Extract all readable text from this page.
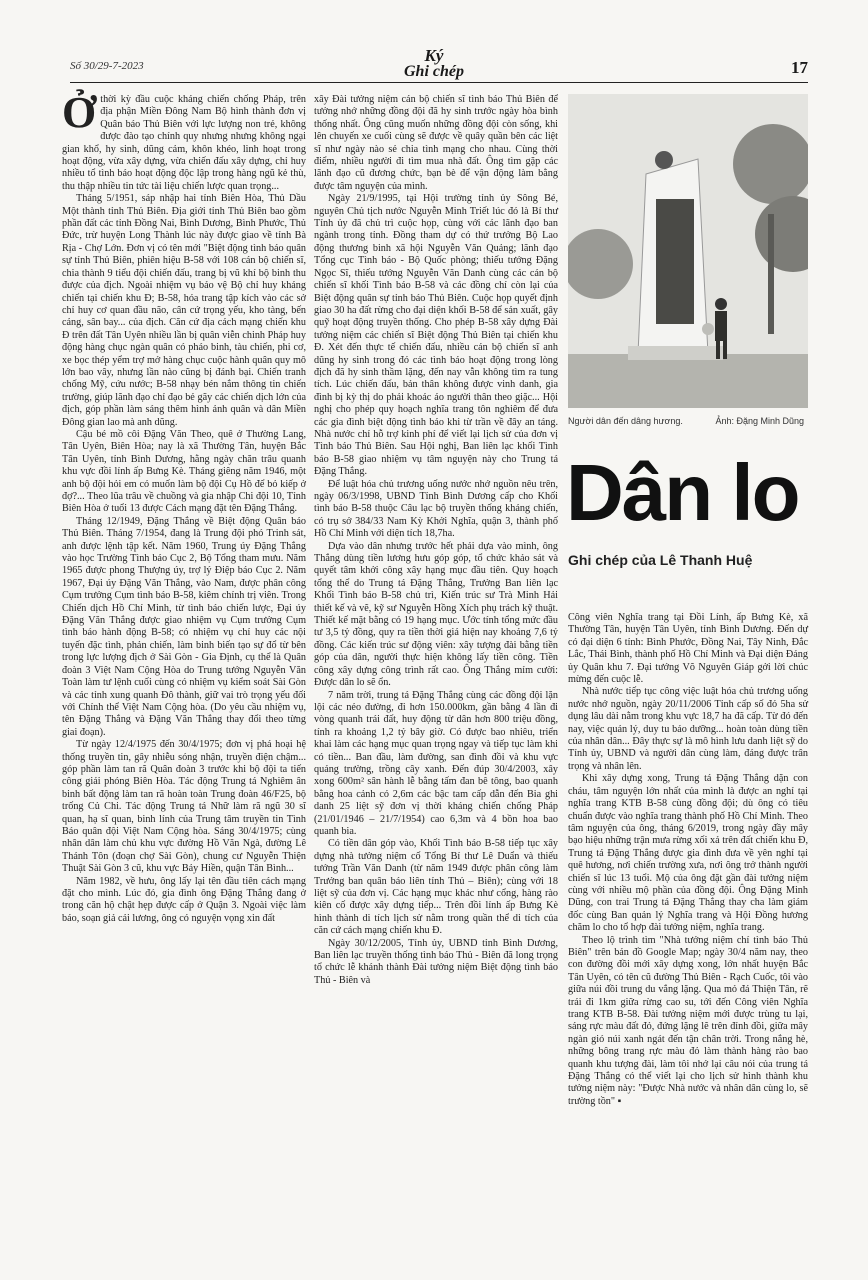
Số 30/29-7-2023
Ký
Ghi chép	17
Ở thời kỳ đầu cuộc kháng chiến chống Pháp, trên địa phận Miền Đông Nam Bộ hình thành đơn vị Quân báo Thủ Biên với lực lượng non trẻ, không được đào tạo chính quy nhưng nhưng không ngại gian khổ, hy sinh, dũng cảm, khôn khéo, linh hoạt trong hoạt động, vừa xây dựng, vừa chiến đấu xây dựng, chỉ huy nhiều tổ tình báo hoạt động độc lập trong hàng ngũ kẻ thù, thu thập nhiều tin tức tài liệu chiến lược quan trọng...

Tháng 5/1951, sáp nhập hai tỉnh Biên Hòa, Thủ Dầu Một thành tỉnh Thủ Biên. Địa giới tỉnh Thủ Biên bao gồm phần đất các tỉnh Đồng Nai, Bình Dương, Bình Phước, Thủ Đức, trừ huyện Long Thành lúc này được giao về tỉnh Bà Rịa - Chợ Lớn. Đơn vị có tên mới "Biệt động tình báo quân sự tỉnh Thủ Biên, phiên hiệu B-58 với 108 cán bộ chiến sĩ, chia thành 9 tiểu đội chiến đấu, trang bị vũ khí bộ binh thu được của địch. Ngoài nhiệm vụ bảo vệ Bộ chỉ huy kháng chiến tại chiến khu Đ; B-58, hóa trang tập kích vào các sở chỉ huy cơ quan đầu não, cân cứ trọng yếu, kho tàng, bến cảng, sân bay... của địch. Căn cứ địa cách mạng chiến khu Đ trên đất Tân Uyên nhiều lần bị quân viễn chinh Pháp huy động hàng chục ngàn quân có pháo binh, tàu chiến, phi cơ, xe bọc thép yểm trợ mở hàng chục cuộc hành quân quy mô lớn bao vây, nhưng lần nào cũng bị đánh bại. Chiến tranh chống Mỹ, cứu nước; B-58 nhạy bén nắm thông tin chiến trường, giúp lãnh đạo chỉ đạo bẻ gãy các chiến dịch lớn của địch, góp phần làm sáng thêm hình ảnh quân và dân Miền Đông gian lao mà anh dũng.

Cậu bé mồ côi Đặng Văn Theo, quê ở Thường Lang, Tân Uyên, Biên Hòa; nay là xã Thường Tân, huyện Bắc Tân Uyên, tỉnh Bình Dương, hằng ngày chăn trâu quanh khu vực đồi lính ấp Bưng Kè. Tháng giêng năm 1946, một anh bộ đội hỏi em có muốn làm bộ đội Cụ Hồ để bỏ kiếp ở đợ?... Theo lũa trâu về chuồng và gia nhập Chi đội 10, Tỉnh Biên Hòa ở tuổi 13 được Cách mạng đặt tên Đặng Thắng.

Tháng 12/1949, Đặng Thắng về Biệt động Quân báo Thủ Biên. Tháng 7/1954, đang là Trung đội phó Trinh sát, anh được lệnh tập kết. Năm 1960, Trung úy Đặng Thắng vào học Trường Tình báo Cục 2, Bộ Tổng tham mưu. Năm 1965 được phong Thượng úy, trợ lý Điệp báo Cục 2. Năm 1967, Đại úy Đặng Văn Thắng, vào Nam, được phân công Cụm trưởng Cụm tình báo B-58, kiêm chính trị viên. Trong Chiến dịch Hồ Chí Minh, từ tình báo chiến lược, Đại úy Đặng Văn Thắng được giao nhiệm vụ Cụm trưởng Cụm tình báo hành động B-58; có nhiệm vụ chỉ huy các nội tuyến đặc tình, phản chiến, làm binh biến tạo sự đổ từ bên trong lực lượng địch ở Sài Gòn - Gia Định, cụ thể là Quân đoàn 3 Việt Nam Cộng Hòa do Trung tướng Nguyễn Văn Toàn làm tư lệnh cuối cùng có nhiệm vụ kiểm soát Sài Gòn và các tỉnh xung quanh Đô thành, giữ vai trò trọng yếu đối với Chính thể Việt Nam Cộng hòa. (Do yêu cầu nhiệm vụ, tên Đặng Thắng và Đặng Văn Thắng thay đổi theo từng giai đoạn).

Từ ngày 12/4/1975 đến 30/4/1975; đơn vị phá hoại hệ thống truyền tin, gây nhiễu sóng nhận, truyền điện chậm... góp phần làm tan rã Quân đoàn 3 trước khi bộ đội ta tiến công giải phóng Biên Hòa. Tác động Trung tá Nghiêm ân binh bất động làm tan rã hoàn toàn Trung đoàn 46/F25, bộ trống Củ Chi. Tác động Trung tá Nhữ làm rã ngũ 30 sĩ quan, hạ sĩ quan, binh lính của Trung tâm truyền tin Tình Báo quân đội Việt Nam Cộng hòa. Sáng 30/4/1975; cùng nhân dân làm chủ khu vực đường Hồ Văn Ngà, đường Lê Thánh Tôn (đoạn chợ Sài Gòn), chung cư Nguyễn Thiện Thuật Sài Gòn 3 cũ, khu vực Bảy Hiền, quận Tân Bình...

Năm 1982, về hưu, ông lấy lại tên đầu tiên cách mạng đặt cho mình. Lúc đó, gia đình ông Đặng Thắng đang ở trong căn hộ chật hẹp được cấp ở Quận 3. Ngoài việc làm báo, soạn giả cải lương, ông có nguyện vọng xin đất

xây Đài tưởng niệm cán bộ chiến sĩ tình báo Thủ Biên để tưởng nhớ những đồng đội đã hy sinh trước ngày hòa bình thống nhất. Ông cũng muốn những đồng đội còn sống, khi lên chuyến xe cuối cùng sẽ được về quây quần bên các liệt sĩ như ngày nào sẻ chia tình mạng cho nhau. Cùng thời điểm, nhiều người đi tìm mua nhà đất. Ông tìm gặp các lãnh đạo cũ đương chức, bạn bè để vận động làm bằng được tâm nguyện của mình.

Ngày 21/9/1995, tại Hội trường tỉnh ủy Sông Bé, nguyên Chủ tịch nước Nguyễn Minh Triết lúc đó là Bí thư Tỉnh ủy đã chủ trì cuộc họp, cùng với các lãnh đạo ban ngành trong tỉnh. Đồng tham dự có thứ trưởng Bộ Lao động thương binh xã hội Nguyễn Văn Quảng; lãnh đạo Tổng cục Tình báo - Bộ Quốc phòng; thiếu tướng Đặng Ngọc Sĩ, thiếu tướng Nguyễn Văn Danh cùng các cán bộ chiến sĩ khối Tình báo B-58 và các đồng chí còn lại của Biệt động quân sự tỉnh báo Thủ Biên. Cuộc họp quyết định giao 30 ha đất rừng cho đại diện khối B-58 để sản xuất, gây quỹ hoạt động truyền thống. Cho phép B-58 xây dựng Đài tưởng niệm các chiến sĩ Biệt động Thủ Biên tại chiến khu Đ. Xét đến thực tế chiến đấu, nhiều cán bộ chiến sĩ anh dũng hy sinh trong đó các tình báo hoạt động trong lòng địch đã hy sinh thầm lặng, đến nay vẫn không tìm ra tung tích. Lúc chiến đấu, bản thân không được vinh danh, gia đình bị kỳ thị do phải khoác áo người thân theo giặc... Hội nghị cho phép quy hoạch nghĩa trang tôn nghiêm để đưa các gia đình biệt động tình báo khi từ trần về đây an táng. Nhà nước chỉ hỗ trợ kinh phí để viết lại lịch sử của đơn vị Tình báo Thủ Biên. Sau Hội nghị, Ban liên lạc khối Tình báo B-58 giao nhiệm vụ tâm nguyện này cho Trung tá Đặng Thắng.

Để luật hóa chủ trương uống nước nhớ nguồn nêu trên, ngày 06/3/1998, UBND Tỉnh Bình Dương cấp cho Khối tình báo B-58 thuộc Câu lạc bộ truyền thống kháng chiến, có trụ sở 384/33 Nam Kỳ Khởi Nghĩa, quận 3, thành phố Hồ Chí Minh với diện tích 18,7ha.

Dựa vào dân nhưng trước hết phải dựa vào mình, ông Thắng dùng tiền lương hưu góp góp, tổ chức khảo sát và quyết tâm khởi công xây hạng mục đầu tiên. Quy hoạch tổng thể do Trung tá Đặng Thắng, Trưởng Ban liên lạc Khối Tình báo B-58 chủ trì, Kiến trúc sư Trà Minh Hải thiết kế và vẽ, kỹ sư Nguyễn Hồng Xích phụ trách kỹ thuật. Thiết kế mặt bằng có 19 hạng mục. Ước tính tổng mức đầu tư 3,5 tỷ đồng, quy ra tiền thời giá hiện nay khoảng 7,6 tỷ đồng. Các kiến trúc sư động viên: xây tượng đài bằng tiền góp của dân, người thực hiện không lấy tiền công. Tiền công xây dựng công trình rất cao. Ông Thắng mỉm cười: Được dân lo sẽ ổn.

7 năm trời, trung tá Đặng Thắng cùng các đồng đội lặn lội các nẻo đường, đi hơn 150.000km, gần bằng 4 lần đi vòng quanh trái đất, huy động từ dân hơn 800 triệu đồng, tính ra khoảng 1,2 tỷ bây giờ. Có được bao nhiêu, triển khai làm các hạng mục quan trọng ngay và tiếp tục làm khi có tiền... Ban đầu, làm đường, san đình đồi và khu vực quảng trường, trồng cây xanh. Đến đúp 30/4/2003, xây xong 600m² sân hành lễ bằng tấm đan bê tông, bao quanh bằng hoa cảnh có 2,6m các bậc tam cấp dẫn đến Bia ghi danh 25 liệt sỹ đơn vị thời kháng chiến chống Pháp (21/01/1946 – 21/7/1954) cao 6,3m và 4 bồn hoa bao quanh bia.

Có tiền dân góp vào, Khối Tình báo B-58 tiếp tục xây dựng nhà tưởng niệm cố Tổng Bí thư Lê Duẩn và thiếu tướng Trần Văn Danh (từ năm 1949 được phân công làm Trưởng ban quân báo liên tỉnh Thủ – Biên); cùng với 18 liệt sỹ của đơn vị. Các hạng mục khác như cổng, hàng rào kiên cố được xây dựng tiếp... Trên đồi lính ấp Bưng Kè hình thành di tích lịch sử nằm trong quần thể di tích của căn cứ cách mạng chiến khu Đ.

Ngày 30/12/2005, Tỉnh ủy, UBND tỉnh Bình Dương, Ban liên lạc truyền thống tình báo Thủ - Biên đã long trọng tổ chức lễ khánh thành Đài tưởng niệm Biệt động tình báo Thủ - Biên và

Người dân đến dâng hương.	Ảnh: Đặng Minh Dũng
Dân lo
Ghi chép của Lê Thanh Huệ

Công viên Nghĩa trang tại Đồi Lính, ấp Bưng Kè, xã Thường Tân, huyện Tân Uyên, tỉnh Bình Dương. Đến dự có đại diện 6 tỉnh: Bình Phước, Đồng Nai, Tây Ninh, Đắc Lắc, Thái Bình, thành phố Hồ Chí Minh và Đại diện Đảng ủy Quân khu 7. Đại tướng Võ Nguyên Giáp gởi lời chúc mừng đến cuộc lễ.

Nhà nước tiếp tục công việc luật hóa chủ trương uống nước nhớ nguồn, ngày 20/11/2006 Tỉnh cấp số đỏ 5ha sử dụng lâu dài nằm trong khu vực 18,7 ha đã cấp. Từ đó đến nay, việc quản lý, duy tu bảo dưỡng... hoàn toàn dùng tiền của nhân dân... Đây thực sự là mô hình lưu danh liệt sỹ do Tỉnh ủy, UBND và người dân cùng làm, đáng được trân trọng và nhân lên.

Khi xây dựng xong, Trung tá Đặng Thắng dặn con cháu, tâm nguyện lớn nhất của mình là được an nghỉ tại nghĩa trang KTB B-58 cùng đồng đội; dù ông có tiêu chuẩn được vào nghĩa trang thành phố Hồ Chí Minh. Theo tâm nguyện của ông, tháng 6/2019, trong ngày đầy mây bạo hiệu những trận mưa rừng xối xả trên đất chiến khu Đ, Trung tá Đặng Thắng được gia đình đưa về yên nghỉ tại quê hương, nơi chiến trường xưa, nơi ông trở thành người chiến sĩ lúc 13 tuổi. Mộ của ông đặt gần đài tưởng niệm cùng với nhiều mộ phần của đồng đội. Ông Đặng Minh Dũng, con trai Trung tá Đặng Thắng thay cha làm giám đốc cùng Ban quản lý Nghĩa trang và Hội Đồng hương chăm lo cho tổ hợp đài tưởng niệm, nghĩa trang.

Theo lộ trình tìm "Nhà tưởng niệm chí tình báo Thủ Biên" trên bản đồ Google Map; ngày 30/4 năm nay, theo con đường đồi mới xây dựng xong, lớn nhất huyện Bắc Tân Uyên, có tên cũ đường Thủ Biên - Rạch Cuốc, tôi vào giữa núi đồi trung du vắng lặng. Qua mỏ đá Thiện Tân, rẽ trái đi 1km giữa rừng cao su, tới đến Công viên Nghĩa trang KTB B-58. Đài tưởng niệm mới được trùng tu lại, sáng rực màu đất đỏ, đứng lặng lẽ trên đỉnh đồi, giữa mây ngàn gió núi xanh ngát đến tận chân trời. Trong nắng hè, những bông trang rực màu đỏ làm thành hàng rào bao quanh khu tượng đài, làm tôi nhớ lại câu nói của trung tá Đặng Thắng có thể viết lại cho lịch sử hình thành khu tưởng niệm này: "Được Nhà nước và nhân dân cùng lo, sẽ trường tồn" ▪
